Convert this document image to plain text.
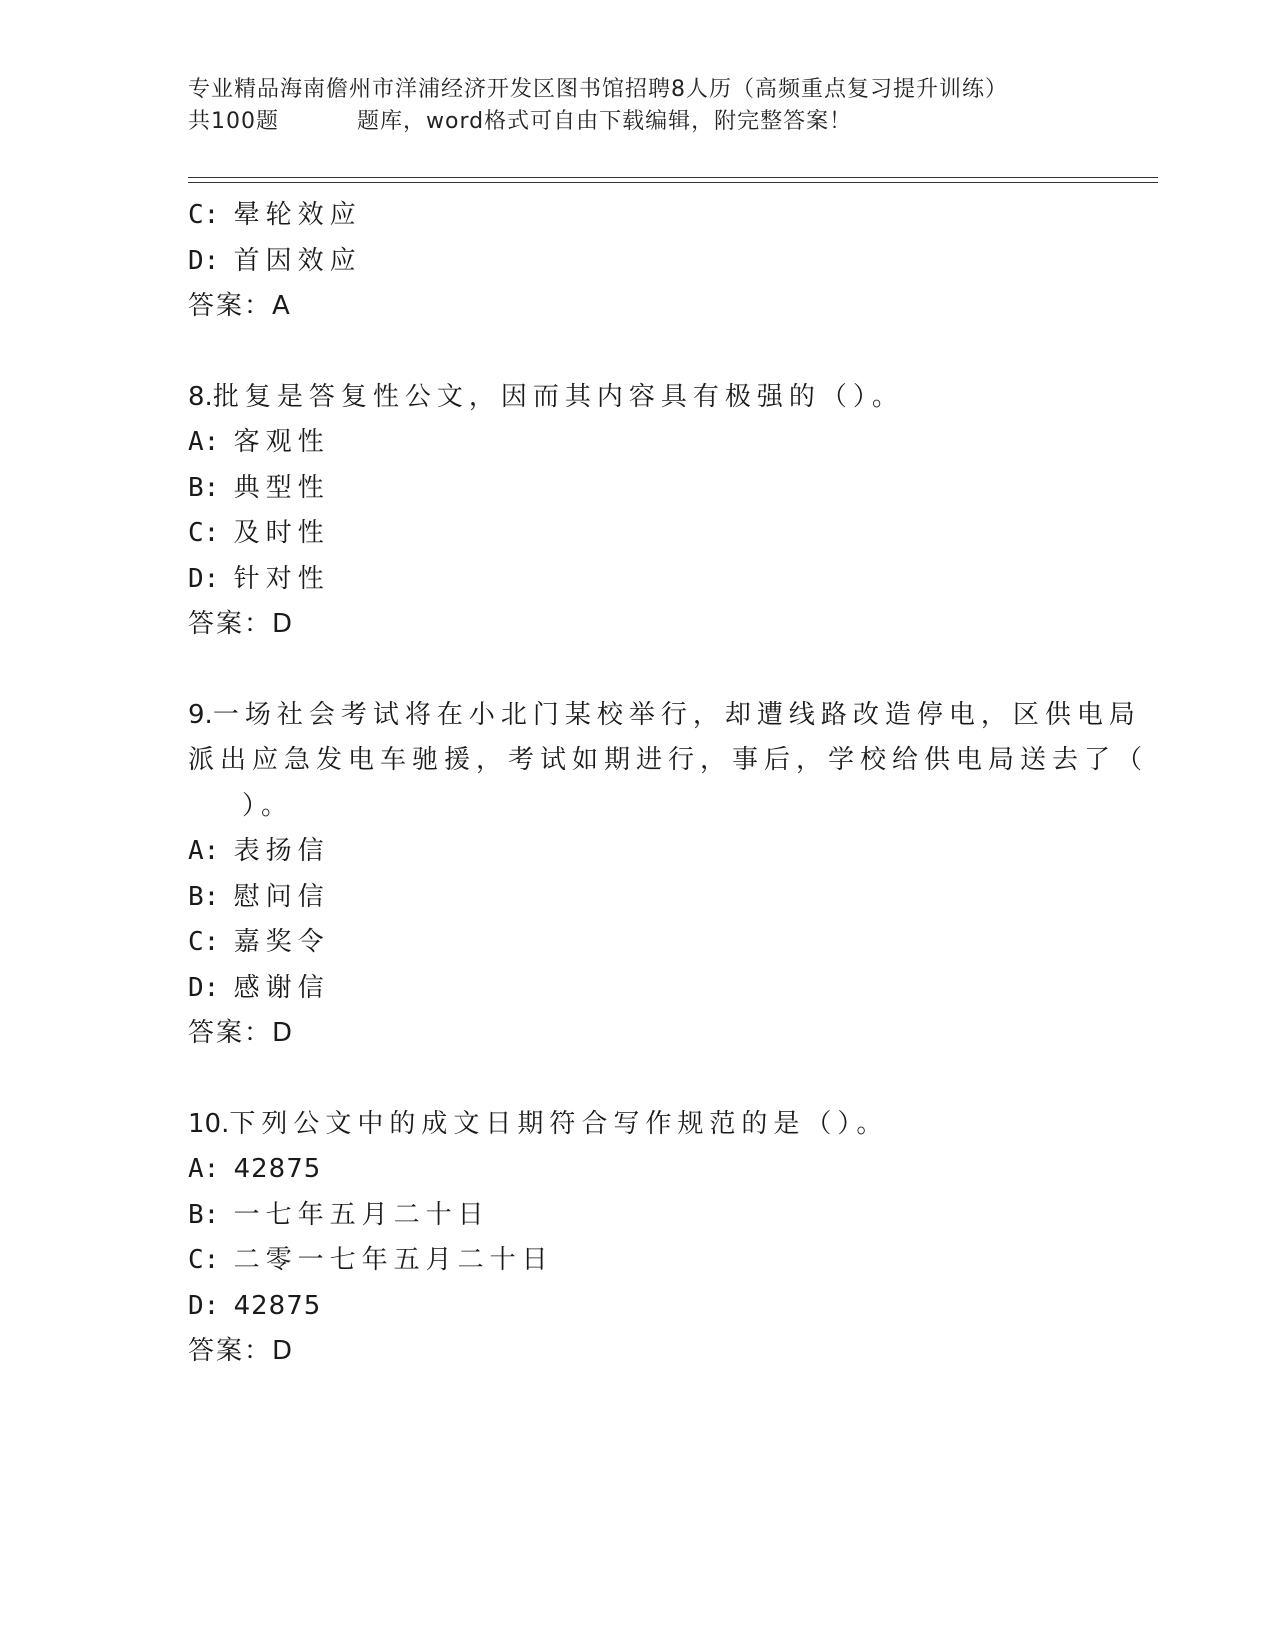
专业精品海南儋州市洋浦经济开发区图书馆招聘8人历（高频重点复习提升训练）
共100题	题库，word格式可自由下载编辑，附完整答案！
C: 晕轮效应
D: 首因效应
答案：A
8.批复是答复性公文，因而其内容具有极强的（）。
A: 客观性
B: 典型性
C: 及时性
D: 针对性
答案：D
9.一场社会考试将在小北门某校举行，却遭线路改造停电，区供电局
派出应急发电车驰援，考试如期进行，事后，学校给供电局送去了（
）。
A: 表扬信
B: 慰问信
C: 嘉奖令
D: 感谢信
答案：D
10.下列公文中的成文日期符合写作规范的是（）。
A: 42875
B: 一七年五月二十日
C: 二零一七年五月二十日
D: 42875
答案：D
